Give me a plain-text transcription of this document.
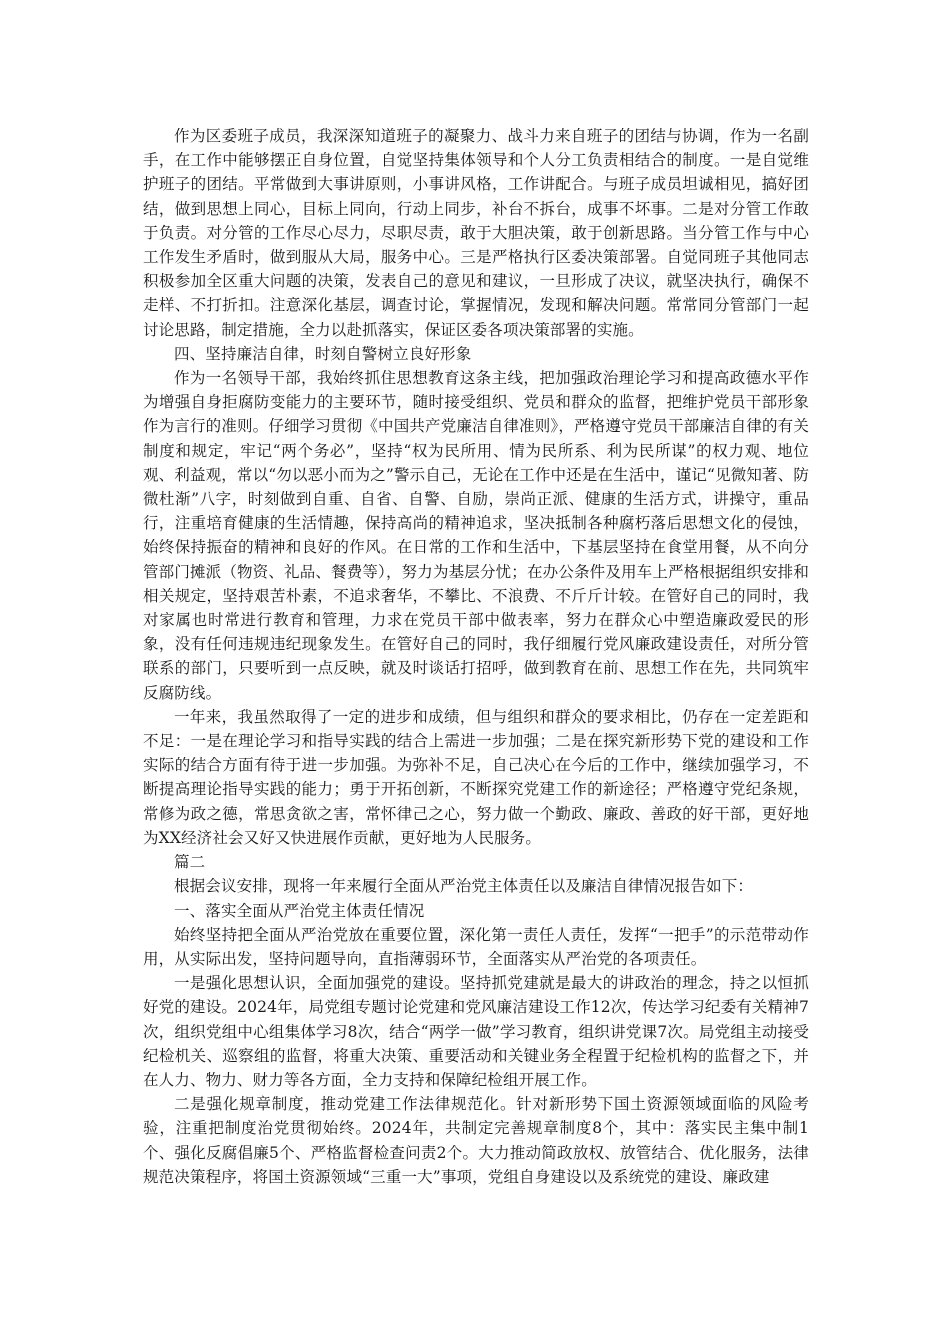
作为区委班子成员，我深深知道班子的凝聚力、战斗力来自班子的团结与协调，作为一名副手，在工作中能够摆正自身位置，自觉坚持集体领导和个人分工负责相结合的制度。一是自觉维护班子的团结。平常做到大事讲原则，小事讲风格，工作讲配合。与班子成员坦诚相见，搞好团结，做到思想上同心，目标上同向，行动上同步，补台不拆台，成事不坏事。二是对分管工作敢于负责。对分管的工作尽心尽力，尽职尽责，敢于大胆决策，敢于创新思路。当分管工作与中心工作发生矛盾时，做到服从大局，服务中心。三是严格执行区委决策部署。自觉同班子其他同志积极参加全区重大问题的决策，发表自己的意见和建议，一旦形成了决议，就坚决执行，确保不走样、不打折扣。注意深化基层，调查讨论，掌握情况，发现和解决问题。常常同分管部门一起讨论思路，制定措施，全力以赴抓落实，保证区委各项决策部署的实施。

四、坚持廉洁自律，时刻自警树立良好形象

作为一名领导干部，我始终抓住思想教育这条主线，把加强政治理论学习和提高政德水平作为增强自身拒腐防变能力的主要环节，随时接受组织、党员和群众的监督，把维护党员干部形象作为言行的准则。仔细学习贯彻《中国共产党廉洁自律准则》，严格遵守党员干部廉洁自律的有关制度和规定，牢记“两个务必”，坚持“权为民所用、情为民所系、利为民所谋”的权力观、地位观、利益观，常以“勿以恶小而为之”警示自己，无论在工作中还是在生活中，谨记“见微知著、防微杜渐”八字，时刻做到自重、自省、自警、自励，崇尚正派、健康的生活方式，讲操守，重品行，注重培育健康的生活情趣，保持高尚的精神追求，坚决抵制各种腐朽落后思想文化的侵蚀，始终保持振奋的精神和良好的作风。在日常的工作和生活中，下基层坚持在食堂用餐，从不向分管部门摊派（物资、礼品、餐费等），努力为基层分忧；在办公条件及用车上严格根据组织安排和相关规定，坚持艰苦朴素，不追求奢华，不攀比、不浪费、不斤斤计较。在管好自己的同时，我对家属也时常进行教育和管理，力求在党员干部中做表率，努力在群众心中塑造廉政爱民的形象，没有任何违规违纪现象发生。在管好自己的同时，我仔细履行党风廉政建设责任，对所分管联系的部门，只要听到一点反映，就及时谈话打招呼，做到教育在前、思想工作在先，共同筑牢反腐防线。

一年来，我虽然取得了一定的进步和成绩，但与组织和群众的要求相比，仍存在一定差距和不足：一是在理论学习和指导实践的结合上需进一步加强；二是在探究新形势下党的建设和工作实际的结合方面有待于进一步加强。为弥补不足，自己决心在今后的工作中，继续加强学习，不断提高理论指导实践的能力；勇于开拓创新，不断探究党建工作的新途径；严格遵守党纪条规，常修为政之德，常思贪欲之害，常怀律己之心，努力做一个勤政、廉政、善政的好干部，更好地为XX经济社会又好又快进展作贡献，更好地为人民服务。

篇二

根据会议安排，现将一年来履行全面从严治党主体责任以及廉洁自律情况报告如下：

一、落实全面从严治党主体责任情况

始终坚持把全面从严治党放在重要位置，深化第一责任人责任，发挥“一把手”的示范带动作用，从实际出发，坚持问题导向，直指薄弱环节，全面落实从严治党的各项责任。

一是强化思想认识，全面加强党的建设。坚持抓党建就是最大的讲政治的理念，持之以恒抓好党的建设。2024年，局党组专题讨论党建和党风廉洁建设工作12次，传达学习纪委有关精神7次，组织党组中心组集体学习8次，结合“两学一做”学习教育，组织讲党课7次。局党组主动接受纪检机关、巡察组的监督，将重大决策、重要活动和关键业务全程置于纪检机构的监督之下，并在人力、物力、财力等各方面，全力支持和保障纪检组开展工作。

二是强化规章制度，推动党建工作法律规范化。针对新形势下国土资源领域面临的风险考验，注重把制度治党贯彻始终。2024年，共制定完善规章制度8个，其中：落实民主集中制1个、强化反腐倡廉5个、严格监督检查问责2个。大力推动简政放权、放管结合、优化服务，法律规范决策程序，将国土资源领域“三重一大”事项，党组自身建设以及系统党的建设、廉政建
